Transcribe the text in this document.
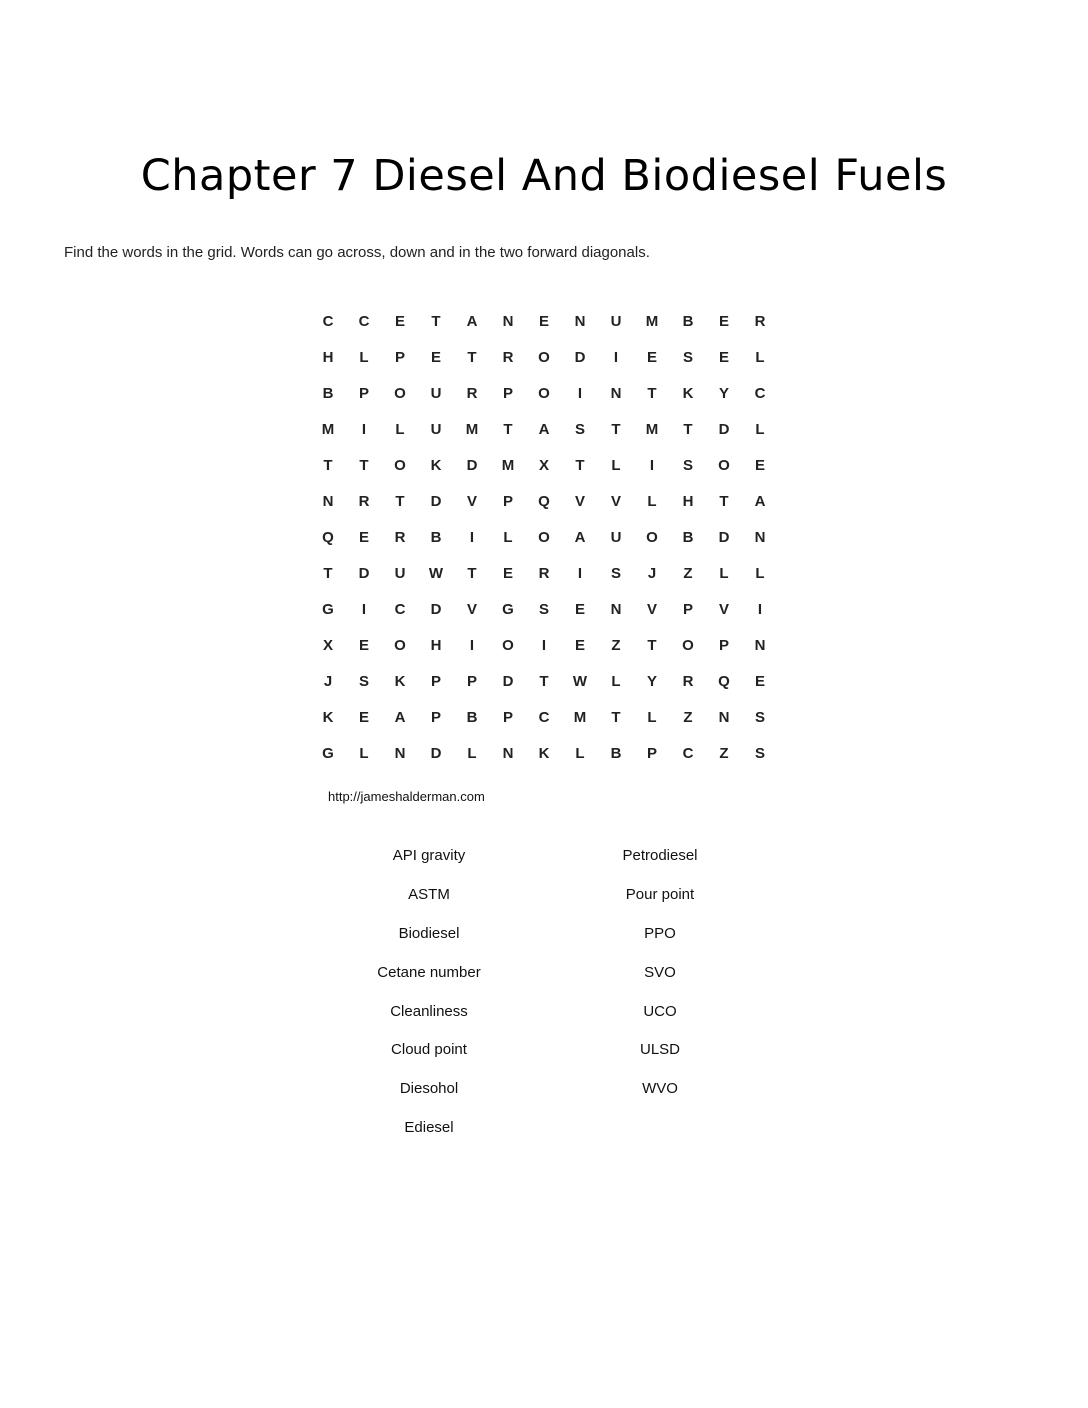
Chapter 7 Diesel And Biodiesel Fuels

Find the words in the grid. Words can go across, down and in the two forward diagonals.

C	C	E	T	A	N	E	N	U	M	B	E	R
H	L	P	E	T	R	O	D	I	E	S	E	L
B	P	O	U	R	P	O	I	N	T	K	Y	C
M	I	L	U	M	T	A	S	T	M	T	D	L
T	T	O	K	D	M	X	T	L	I	S	O	E
N	R	T	D	V	P	Q	V	V	L	H	T	A
Q	E	R	B	I	L	O	A	U	O	B	D	N
T	D	U	W	T	E	R	I	S	J	Z	L	L
G	I	C	D	V	G	S	E	N	V	P	V	I
X	E	O	H	I	O	I	E	Z	T	O	P	N
J	S	K	P	P	D	T	W	L	Y	R	Q	E
K	E	A	P	B	P	C	M	T	L	Z	N	S
G	L	N	D	L	N	K	L	B	P	C	Z	S
http://jameshalderman.com
API gravity
ASTM
Biodiesel
Cetane number
Cleanliness
Cloud point
Diesohol
Ediesel
Petrodiesel
Pour point
PPO
SVO
UCO
ULSD
WVO
